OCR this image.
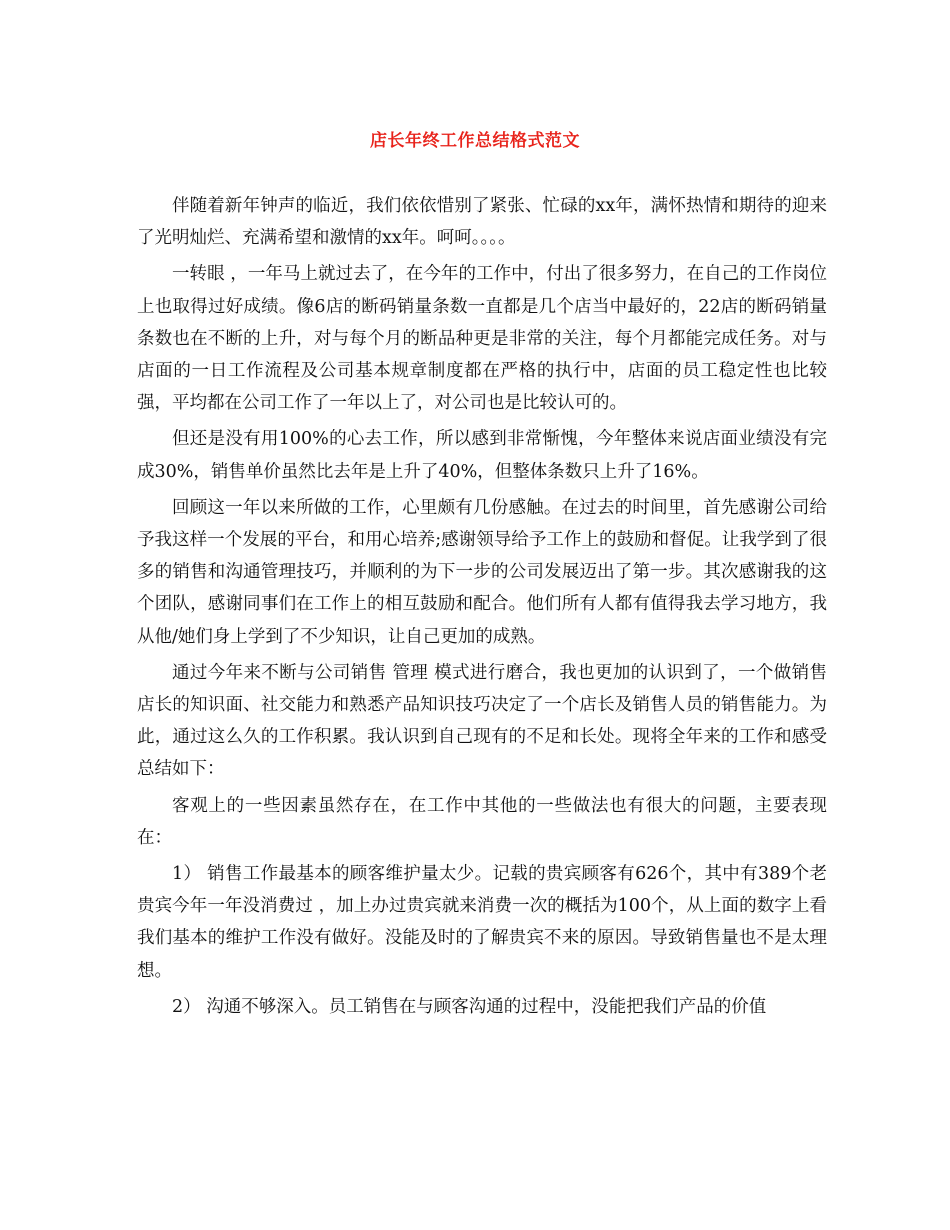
店长年终工作总结格式范文

伴随着新年钟声的临近，我们依依惜别了紧张、忙碌的xx年，满怀热情和期待的迎来了光明灿烂、充满希望和激情的xx年。呵呵。。。。

一转眼 ，一年马上就过去了，在今年的工作中，付出了很多努力，在自己的工作岗位上也取得过好成绩。像6店的断码销量条数一直都是几个店当中最好的，22店的断码销量条数也在不断的上升，对与每个月的断品种更是非常的关注，每个月都能完成任务。对与店面的一日工作流程及公司基本规章制度都在严格的执行中，店面的员工稳定性也比较强，平均都在公司工作了一年以上了，对公司也是比较认可的。

但还是没有用100%的心去工作，所以感到非常惭愧，今年整体来说店面业绩没有完成30%，销售单价虽然比去年是上升了40%，但整体条数只上升了16%。

回顾这一年以来所做的工作，心里颇有几份感触。在过去的时间里，首先感谢公司给予我这样一个发展的平台，和用心培养;感谢领导给予工作上的鼓励和督促。让我学到了很多的销售和沟通管理技巧，并顺利的为下一步的公司发展迈出了第一步。其次感谢我的这个团队，感谢同事们在工作上的相互鼓励和配合。他们所有人都有值得我去学习地方，我从他/她们身上学到了不少知识，让自己更加的成熟。

通过今年来不断与公司销售 管理 模式进行磨合，我也更加的认识到了，一个做销售店长的知识面、社交能力和熟悉产品知识技巧决定了一个店长及销售人员的销售能力。为此，通过这么久的工作积累。我认识到自己现有的不足和长处。现将全年来的工作和感受总结如下：

客观上的一些因素虽然存在，在工作中其他的一些做法也有很大的问题，主要表现在：

1） 销售工作最基本的顾客维护量太少。记载的贵宾顾客有626个，其中有389个老贵宾今年一年没消费过 ，加上办过贵宾就来消费一次的概括为100个，从上面的数字上看我们基本的维护工作没有做好。没能及时的了解贵宾不来的原因。导致销售量也不是太理想。

2） 沟通不够深入。员工销售在与顾客沟通的过程中，没能把我们产品的价值
